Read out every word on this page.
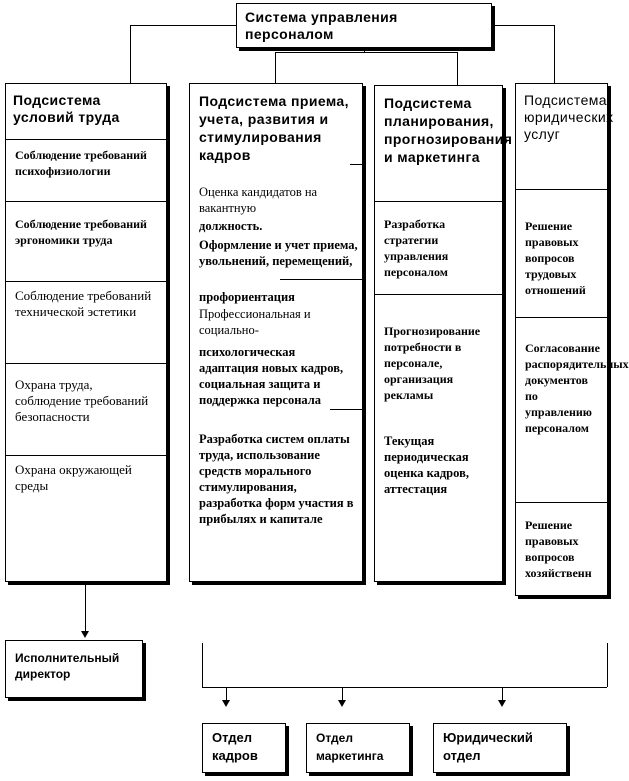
Система управления персоналом
Подсистема условий труда
Соблюдение требований психофизиологии
Соблюдение требований эргономики труда
Соблюдение требований технической эстетики
Охрана труда, соблюдение требований безопасности
Охрана окружающей среды
Подсистема приема, учета, развития и стимулирования кадров
Оценка кандидатов на вакантную
должность.
Оформление и учет приема, увольнений, перемещений,
профориентация
Профессиональная и социально-
психологическая адаптация новых кадров, социальная защита и поддержка персонала
Разработка систем оплаты труда, использование средств морального стимулирования, разработка форм участия в прибылях и капитале
Подсистема планирования, прогнозирования и маркетинга
Разработка стратегии управления персоналом
Прогнозирование потребности в персонале, организация рекламы
Текущая периодическая оценка кадров, аттестация
Подсистема юридических услуг
Решение правовых вопросов трудовых отношений
Согласование распорядительных документов по управлению персоналом
Решение правовых вопросов хозяйственн
Исполнительный директор
Отдел кадров
Отдел маркетинга
Юридический отдел
